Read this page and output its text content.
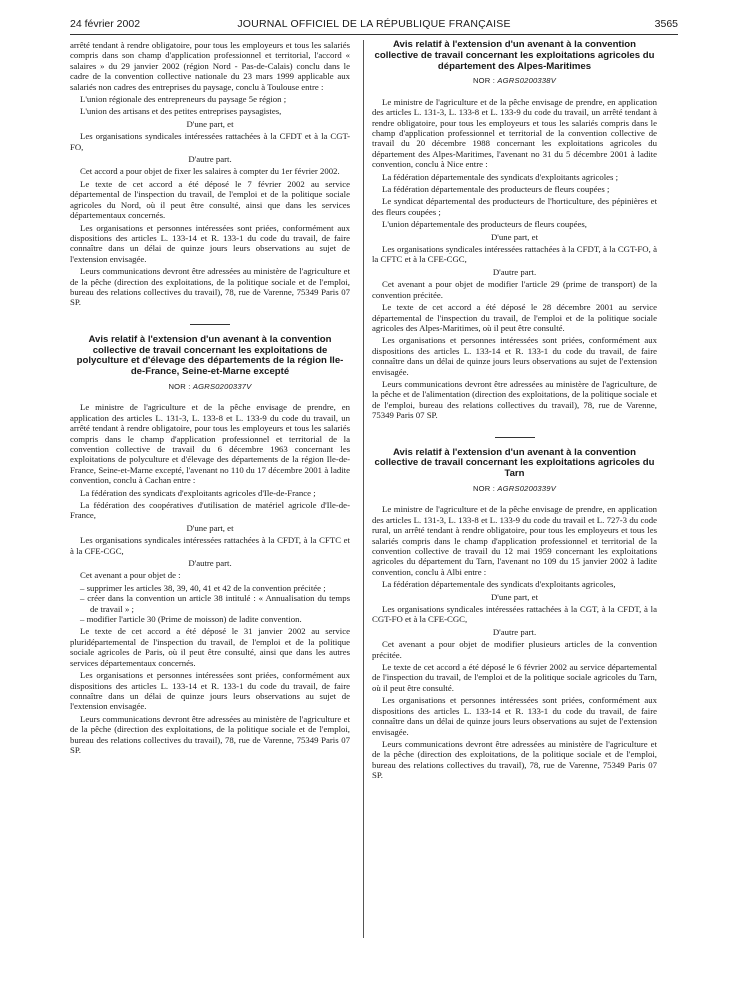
24 février 2002	JOURNAL OFFICIEL DE LA RÉPUBLIQUE FRANÇAISE	3565

arrêté tendant à rendre obligatoire, pour tous les employeurs et tous les salariés compris dans son champ d'application professionnel et territorial, l'accord « salaires » du 29 janvier 2002 (région Nord - Pas-de-Calais) conclu dans le cadre de la convention collective nationale du 23 mars 1999 applicable aux salariés non cadres des entreprises du paysage, conclu à Toulouse entre :

L'union régionale des entrepreneurs du paysage 5e région ;

L'union des artisans et des petites entreprises paysagistes,

D'une part, et

Les organisations syndicales intéressées rattachées à la CFDT et à la CGT-FO,

D'autre part.

Cet accord a pour objet de fixer les salaires à compter du 1er février 2002.

Le texte de cet accord a été déposé le 7 février 2002 au service départemental de l'inspection du travail, de l'emploi et de la politique sociale agricoles du Nord, où il peut être consulté, ainsi que dans les services départementaux concernés.

Les organisations et personnes intéressées sont priées, conformément aux dispositions des articles L. 133-14 et R. 133-1 du code du travail, de faire connaître dans un délai de quinze jours leurs observations au sujet de l'extension envisagée.

Leurs communications devront être adressées au ministère de l'agriculture et de la pêche (direction des exploitations, de la politique sociale et de l'emploi, bureau des relations collectives du travail), 78, rue de Varenne, 75349 Paris 07 SP.

Avis relatif à l'extension d'un avenant à la convention collective de travail concernant les exploitations de polyculture et d'élevage des départements de la région Ile-de-France, Seine-et-Marne excepté
NOR : AGRS0200337V

Le ministre de l'agriculture et de la pêche envisage de prendre, en application des articles L. 131-3, L. 133-8 et L. 133-9 du code du travail, un arrêté tendant à rendre obligatoire, pour tous les employeurs et tous les salariés compris dans le champ d'application professionnel et territorial de la convention collective de travail du 6 décembre 1963 concernant les exploitations de polyculture et d'élevage des départements de la région Ile-de-France, Seine-et-Marne excepté, l'avenant no 110 du 17 décembre 2001 à ladite convention, conclu à Cachan entre :

La fédération des syndicats d'exploitants agricoles d'Ile-de-France ;

La fédération des coopératives d'utilisation de matériel agricole d'Ile-de-France,

D'une part, et

Les organisations syndicales intéressées rattachées à la CFDT, à la CFTC et à la CFE-CGC,

D'autre part.

Cet avenant a pour objet de :

– supprimer les articles 38, 39, 40, 41 et 42 de la convention précitée ;
– créer dans la convention un article 38 intitulé : « Annualisation du temps de travail » ;
– modifier l'article 30 (Prime de moisson) de ladite convention.

Le texte de cet accord a été déposé le 31 janvier 2002 au service pluridépartemental de l'inspection du travail, de l'emploi et de la politique sociale agricoles de Paris, où il peut être consulté, ainsi que dans les autres services départementaux concernés.

Les organisations et personnes intéressées sont priées, conformément aux dispositions des articles L. 133-14 et R. 133-1 du code du travail, de faire connaître dans un délai de quinze jours leurs observations au sujet de l'extension envisagée.

Leurs communications devront être adressées au ministère de l'agriculture et de la pêche (direction des exploitations, de la politique sociale et de l'emploi, bureau des relations collectives du travail), 78, rue de Varenne, 75349 Paris 07 SP.

Avis relatif à l'extension d'un avenant à la convention collective de travail concernant les exploitations agricoles du département des Alpes-Maritimes
NOR : AGRS0200338V

Le ministre de l'agriculture et de la pêche envisage de prendre, en application des articles L. 131-3, L. 133-8 et L. 133-9 du code du travail, un arrêté tendant à rendre obligatoire, pour tous les employeurs et tous les salariés compris dans le champ d'application professionnel et territorial de la convention collective de travail du 20 décembre 1988 concernant les exploitations agricoles du département des Alpes-Maritimes, l'avenant no 31 du 5 décembre 2001 à ladite convention, conclu à Nice entre :

La fédération départementale des syndicats d'exploitants agricoles ;

La fédération départementale des producteurs de fleurs coupées ;

Le syndicat départemental des producteurs de l'horticulture, des pépinières et des fleurs coupées ;

L'union départementale des producteurs de fleurs coupées,

D'une part, et

Les organisations syndicales intéressées rattachées à la CFDT, à la CGT-FO, à la CFTC et à la CFE-CGC,

D'autre part.

Cet avenant a pour objet de modifier l'article 29 (prime de transport) de la convention précitée.

Le texte de cet accord a été déposé le 28 décembre 2001 au service départemental de l'inspection du travail, de l'emploi et de la politique sociale agricoles des Alpes-Maritimes, où il peut être consulté.

Les organisations et personnes intéressées sont priées, conformément aux dispositions des articles L. 133-14 et R. 133-1 du code du travail, de faire connaître dans un délai de quinze jours leurs observations au sujet de l'extension envisagée.

Leurs communications devront être adressées au ministère de l'agriculture, de la pêche et de l'alimentation (direction des exploitations, de la politique sociale et de l'emploi, bureau des relations collectives du travail), 78, rue de Varenne, 75349 Paris 07 SP.

Avis relatif à l'extension d'un avenant à la convention collective de travail concernant les exploitations agricoles du Tarn
NOR : AGRS0200339V

Le ministre de l'agriculture et de la pêche envisage de prendre, en application des articles L. 131-3, L. 133-8 et L. 133-9 du code du travail et L. 727-3 du code rural, un arrêté tendant à rendre obligatoire, pour tous les employeurs et tous les salariés compris dans le champ d'application professionnel et territorial de la convention collective de travail du 12 mai 1959 concernant les exploitations agricoles du département du Tarn, l'avenant no 109 du 15 janvier 2002 à ladite convention, conclu à Albi entre :

La fédération départementale des syndicats d'exploitants agricoles,

D'une part, et

Les organisations syndicales intéressées rattachées à la CGT, à la CFDT, à la CGT-FO et à la CFE-CGC,

D'autre part.

Cet avenant a pour objet de modifier plusieurs articles de la convention précitée.

Le texte de cet accord a été déposé le 6 février 2002 au service départemental de l'inspection du travail, de l'emploi et de la politique sociale agricoles du Tarn, où il peut être consulté.

Les organisations et personnes intéressées sont priées, conformément aux dispositions des articles L. 133-14 et R. 133-1 du code du travail, de faire connaître dans un délai de quinze jours leurs observations au sujet de l'extension envisagée.

Leurs communications devront être adressées au ministère de l'agriculture et de la pêche (direction des exploitations, de la politique sociale et de l'emploi, bureau des relations collectives du travail), 78, rue de Varenne, 75349 Paris 07 SP.
